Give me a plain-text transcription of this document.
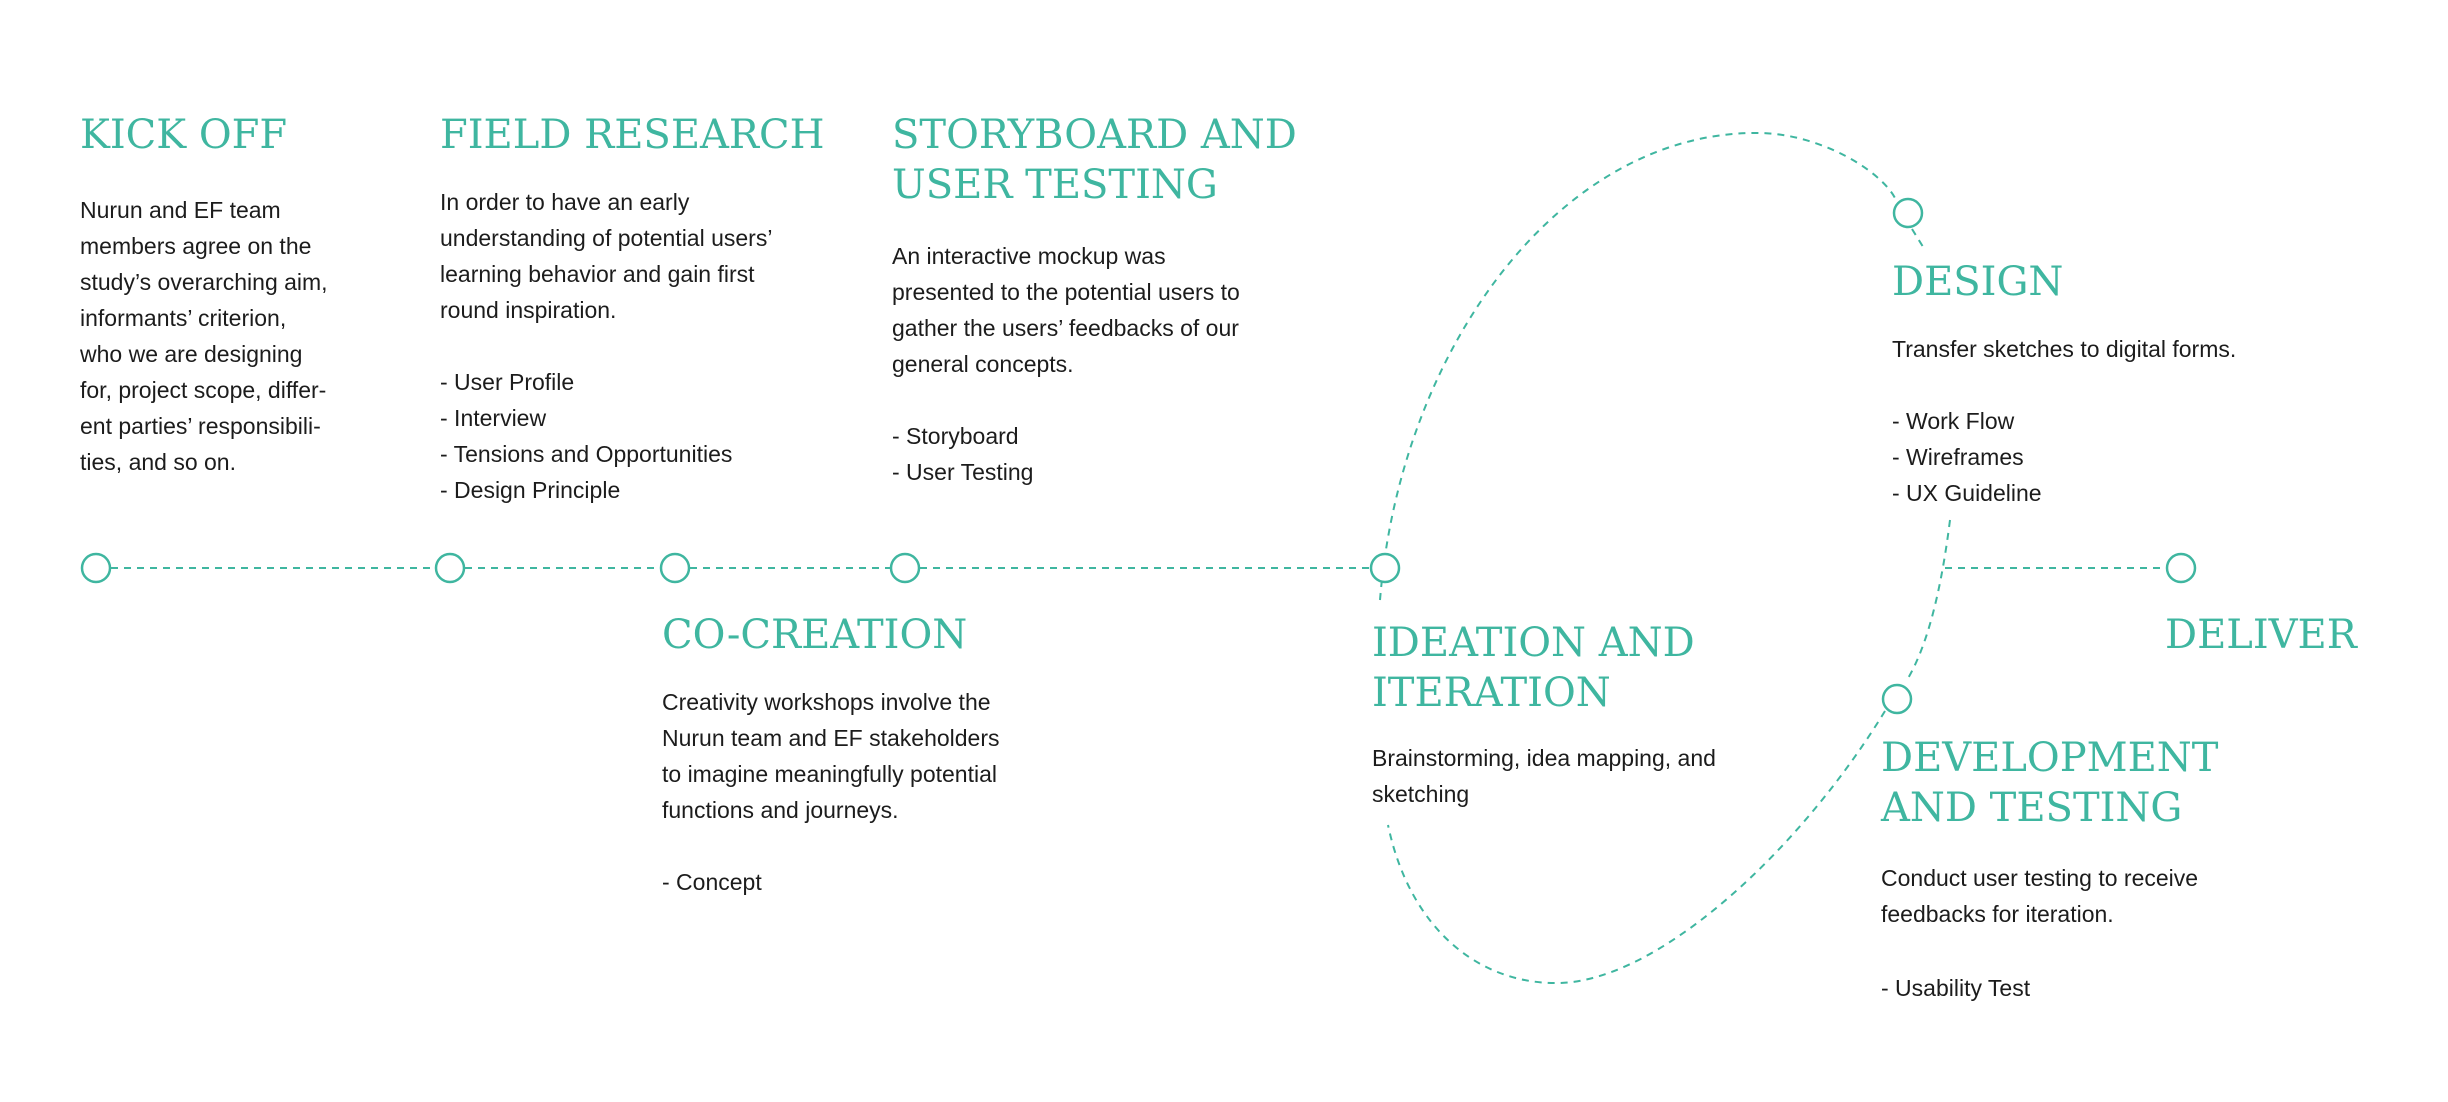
KICK OFF

Nurun and EF team
members agree on the
study’s overarching aim,
informants’ criterion,
who we are designing
for, project scope, differ-
ent parties’ responsibili-
ties, and so on.

FIELD RESEARCH

In order to have an early
understanding of potential users’
learning behavior and gain first
round inspiration.

- User Profile
- Interview
- Tensions and Opportunities
- Design Principle
STORYBOARD AND
USER TESTING

An interactive mockup was
presented to the potential users to
gather the users’ feedbacks of our
general concepts.

- Storyboard
- User Testing
CO-CREATION

Creativity workshops involve the
Nurun team and EF stakeholders
to imagine meaningfully potential
functions and journeys.

- Concept
IDEATION AND
ITERATION

Brainstorming, idea mapping, and
sketching

DESIGN

Transfer sketches to digital forms.

- Work Flow
- Wireframes
- UX Guideline
DEVELOPMENT
AND TESTING

Conduct user testing to receive
feedbacks for iteration.

- Usability Test
DELIVER
